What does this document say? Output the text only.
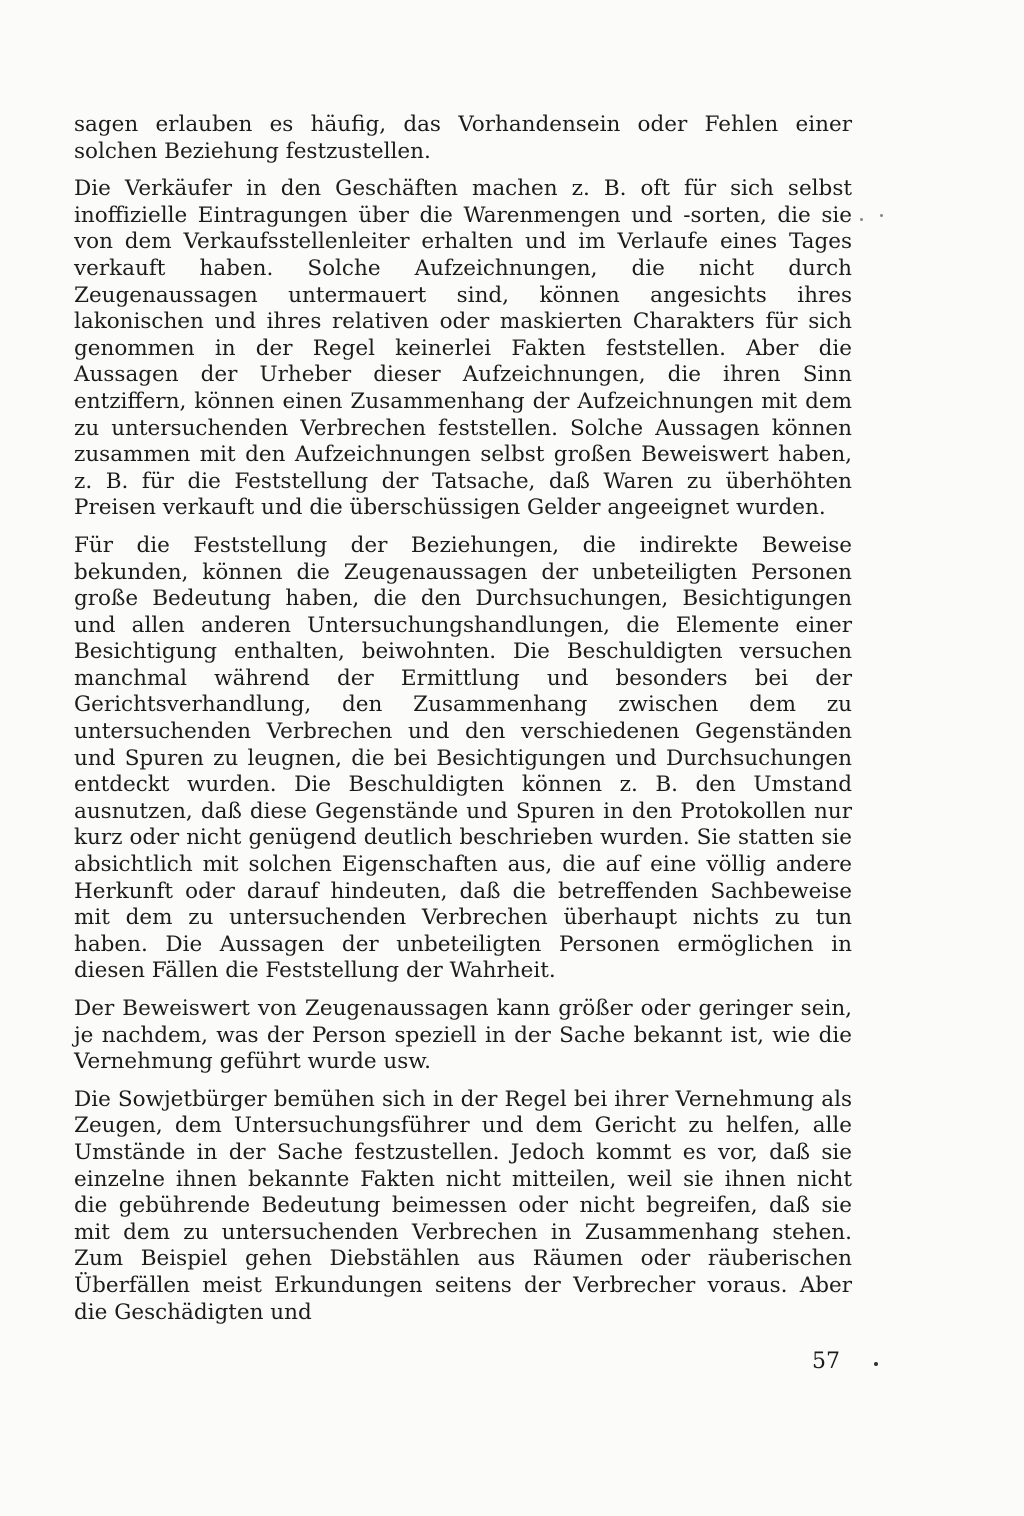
sagen erlauben es häufig, das Vorhandensein oder Fehlen einer solchen Beziehung festzustellen.

Die Verkäufer in den Geschäften machen z. B. oft für sich selbst inoffizielle Eintragungen über die Warenmengen und -sorten, die sie von dem Verkaufsstellenleiter erhalten und im Verlaufe eines Tages verkauft haben. Solche Aufzeichnungen, die nicht durch Zeugenaussagen untermauert sind, können angesichts ihres lakonischen und ihres relativen oder maskierten Charakters für sich genommen in der Regel keinerlei Fakten feststellen. Aber die Aussagen der Urheber dieser Aufzeichnungen, die ihren Sinn entziffern, können einen Zusammenhang der Aufzeichnungen mit dem zu untersuchenden Verbrechen feststellen. Solche Aussagen können zusammen mit den Aufzeichnungen selbst großen Beweiswert haben, z. B. für die Feststellung der Tatsache, daß Waren zu überhöhten Preisen verkauft und die überschüssigen Gelder angeeignet wurden.

Für die Feststellung der Beziehungen, die indirekte Beweise bekunden, können die Zeugenaussagen der unbeteiligten Personen große Bedeutung haben, die den Durchsuchungen, Besichtigungen und allen anderen Untersuchungshandlungen, die Elemente einer Besichtigung enthalten, beiwohnten. Die Beschuldigten versuchen manchmal während der Ermittlung und besonders bei der Gerichtsverhandlung, den Zusammenhang zwischen dem zu untersuchenden Verbrechen und den verschiedenen Gegenständen und Spuren zu leugnen, die bei Besichtigungen und Durchsuchungen entdeckt wurden. Die Beschuldigten können z. B. den Umstand ausnutzen, daß diese Gegenstände und Spuren in den Protokollen nur kurz oder nicht genügend deutlich beschrieben wurden. Sie statten sie absichtlich mit solchen Eigenschaften aus, die auf eine völlig andere Herkunft oder darauf hindeuten, daß die betreffenden Sachbeweise mit dem zu untersuchenden Verbrechen überhaupt nichts zu tun haben. Die Aussagen der unbeteiligten Personen ermöglichen in diesen Fällen die Feststellung der Wahrheit.

Der Beweiswert von Zeugenaussagen kann größer oder geringer sein, je nachdem, was der Person speziell in der Sache bekannt ist, wie die Vernehmung geführt wurde usw.

Die Sowjetbürger bemühen sich in der Regel bei ihrer Vernehmung als Zeugen, dem Untersuchungsführer und dem Gericht zu helfen, alle Umstände in der Sache festzustellen. Jedoch kommt es vor, daß sie einzelne ihnen bekannte Fakten nicht mitteilen, weil sie ihnen nicht die gebührende Bedeutung beimessen oder nicht begreifen, daß sie mit dem zu untersuchenden Verbrechen in Zusammenhang stehen. Zum Beispiel gehen Diebstählen aus Räumen oder räuberischen Überfällen meist Erkundungen seitens der Verbrecher voraus. Aber die Geschädigten und

57
